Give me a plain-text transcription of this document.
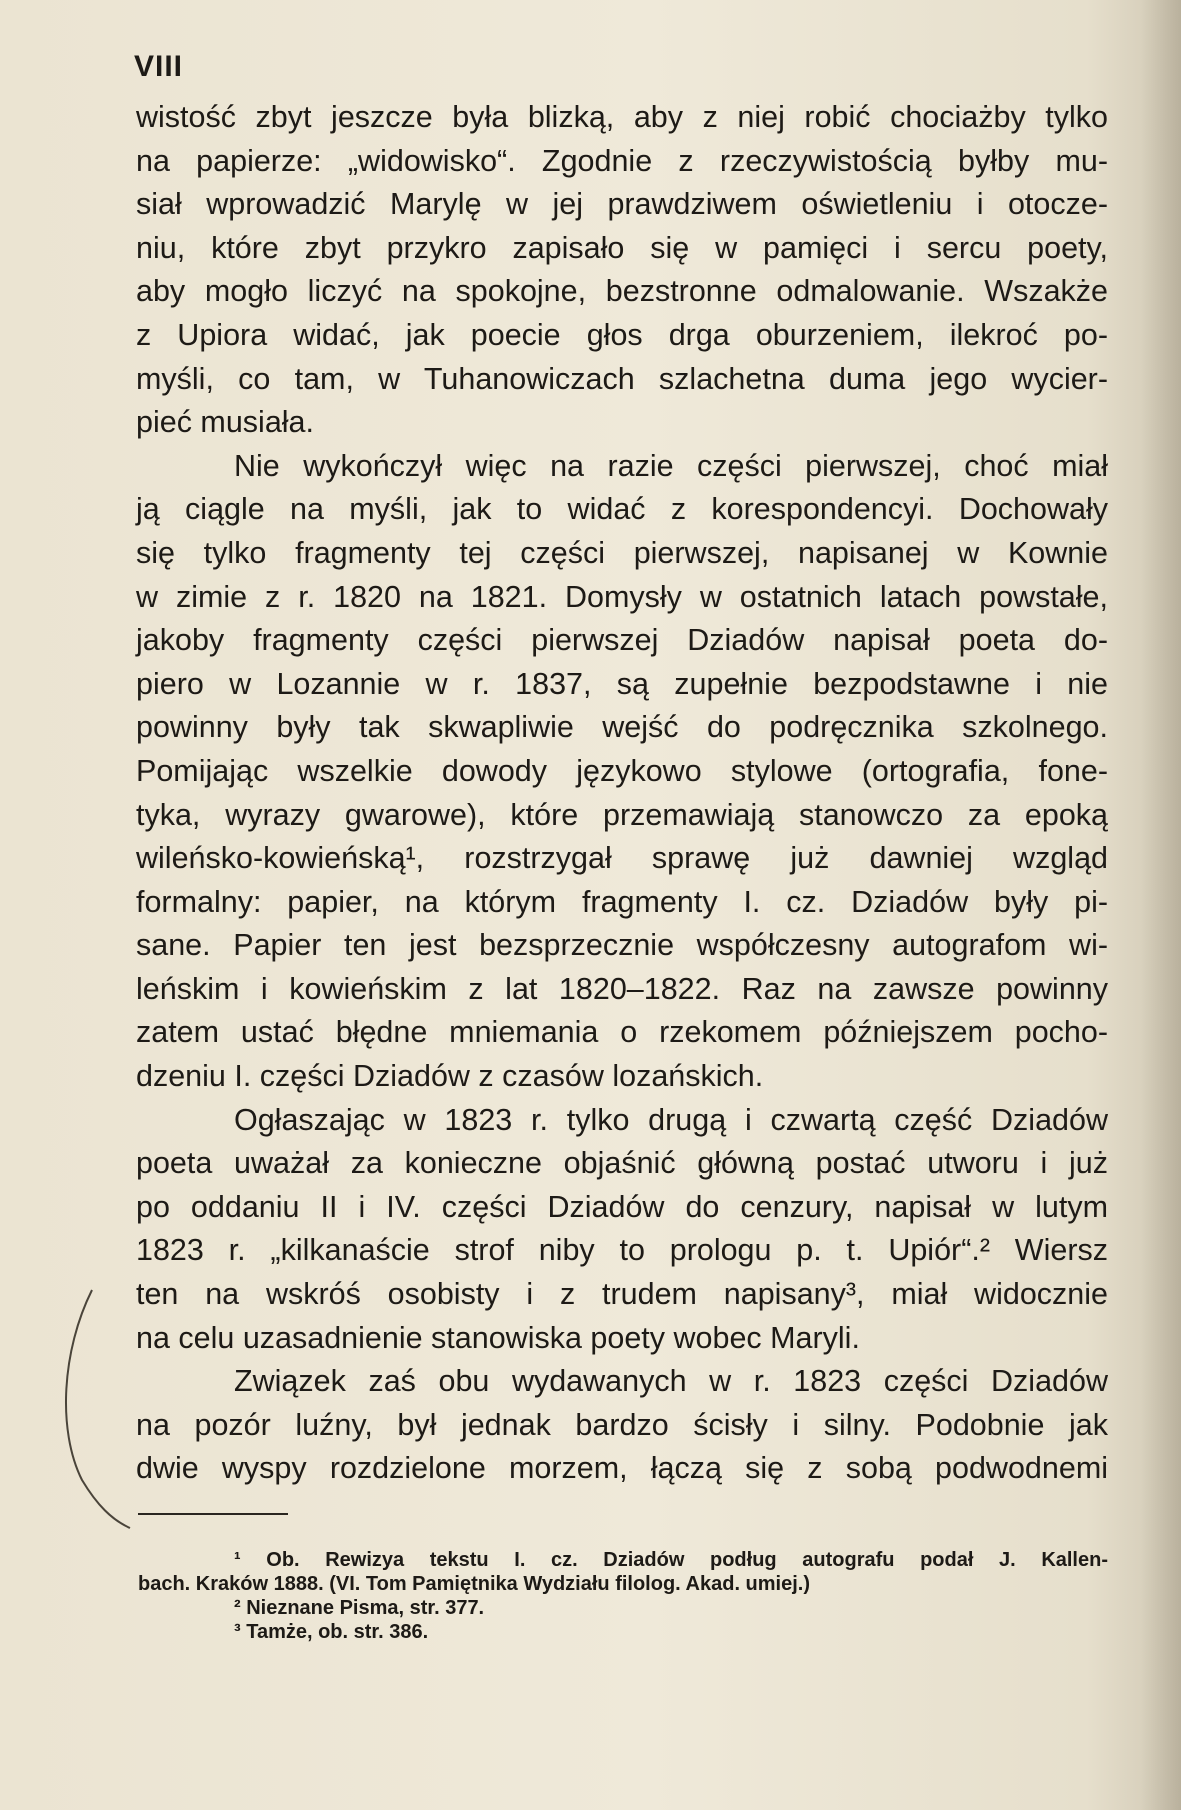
VIII
wistość zbyt jeszcze była blizką, aby z niej robić chociażby tylko
na papierze: „widowisko“. Zgodnie z rzeczywistością byłby mu-
siał wprowadzić Marylę w jej prawdziwem oświetleniu i otocze-
niu, które zbyt przykro zapisało się w pamięci i sercu poety,
aby mogło liczyć na spokojne, bezstronne odmalowanie. Wszakże
z Upiora widać, jak poecie głos drga oburzeniem, ilekroć po-
myśli, co tam, w Tuhanowiczach szlachetna duma jego wycier-
pieć musiała.
Nie wykończył więc na razie części pierwszej, choć miał
ją ciągle na myśli, jak to widać z korespondencyi. Dochowały
się tylko fragmenty tej części pierwszej, napisanej w Kownie
w zimie z r. 1820 na 1821. Domysły w ostatnich latach powstałe,
jakoby fragmenty części pierwszej Dziadów napisał poeta do-
piero w Lozannie w r. 1837, są zupełnie bezpodstawne i nie
powinny były tak skwapliwie wejść do podręcznika szkolnego.
Pomijając wszelkie dowody językowo stylowe (ortografia, fone-
tyka, wyrazy gwarowe), które przemawiają stanowczo za epoką
wileńsko-kowieńską¹, rozstrzygał sprawę już dawniej wzgląd
formalny: papier, na którym fragmenty I. cz. Dziadów były pi-
sane. Papier ten jest bezsprzecznie współczesny autografom wi-
leńskim i kowieńskim z lat 1820–1822. Raz na zawsze powinny
zatem ustać błędne mniemania o rzekomem późniejszem pocho-
dzeniu I. części Dziadów z czasów lozańskich.
Ogłaszając w 1823 r. tylko drugą i czwartą część Dziadów
poeta uważał za konieczne objaśnić główną postać utworu i już
po oddaniu II i IV. części Dziadów do cenzury, napisał w lutym
1823 r. „kilkanaście strof niby to prologu p. t. Upiór“.² Wiersz
ten na wskróś osobisty i z trudem napisany³, miał widocznie
na celu uzasadnienie stanowiska poety wobec Maryli.
Związek zaś obu wydawanych w r. 1823 części Dziadów
na pozór luźny, był jednak bardzo ścisły i silny. Podobnie jak
dwie wyspy rozdzielone morzem, łączą się z sobą podwodnemi
¹ Ob. Rewizya tekstu I. cz. Dziadów podług autografu podał J. Kallen-
bach. Kraków 1888. (VI. Tom Pamiętnika Wydziału filolog. Akad. umiej.)
² Nieznane Pisma, str. 377.
³ Tamże, ob. str. 386.
